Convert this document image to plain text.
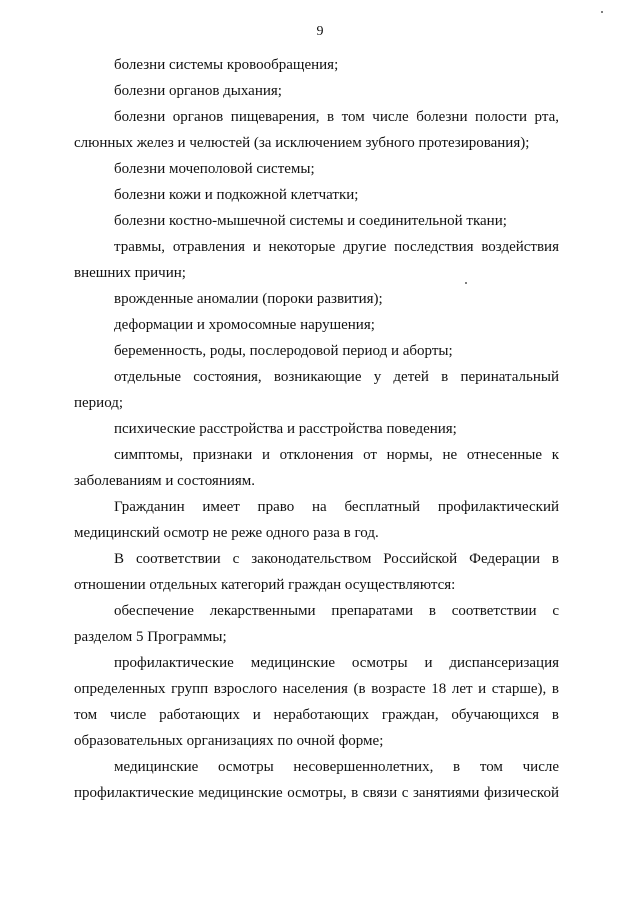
9

болезни системы кровообращения;

болезни органов дыхания;

болезни органов пищеварения, в том числе болезни полости рта, слюнных желез и челюстей (за исключением зубного протезирования);

болезни мочеполовой системы;

болезни кожи и подкожной клетчатки;

болезни костно-мышечной системы и соединительной ткани;

травмы, отравления и некоторые другие последствия воздействия внешних причин;

врожденные аномалии (пороки развития);

деформации и хромосомные нарушения;

беременность, роды, послеродовой период и аборты;

отдельные состояния, возникающие у детей в перинатальный период;

психические расстройства и расстройства поведения;

симптомы, признаки и отклонения от нормы, не отнесенные к заболеваниям и состояниям.

Гражданин имеет право на бесплатный профилактический медицинский осмотр не реже одного раза в год.

В соответствии с законодательством Российской Федерации в отношении отдельных категорий граждан осуществляются:

обеспечение лекарственными препаратами в соответствии с разделом 5 Программы;

профилактические медицинские осмотры и диспансеризация определенных групп взрослого населения (в возрасте 18 лет и старше), в том числе работающих и неработающих граждан, обучающихся в образовательных организациях по очной форме;

медицинские осмотры несовершеннолетних, в том числе профилактические медицинские осмотры, в связи с занятиями физической
